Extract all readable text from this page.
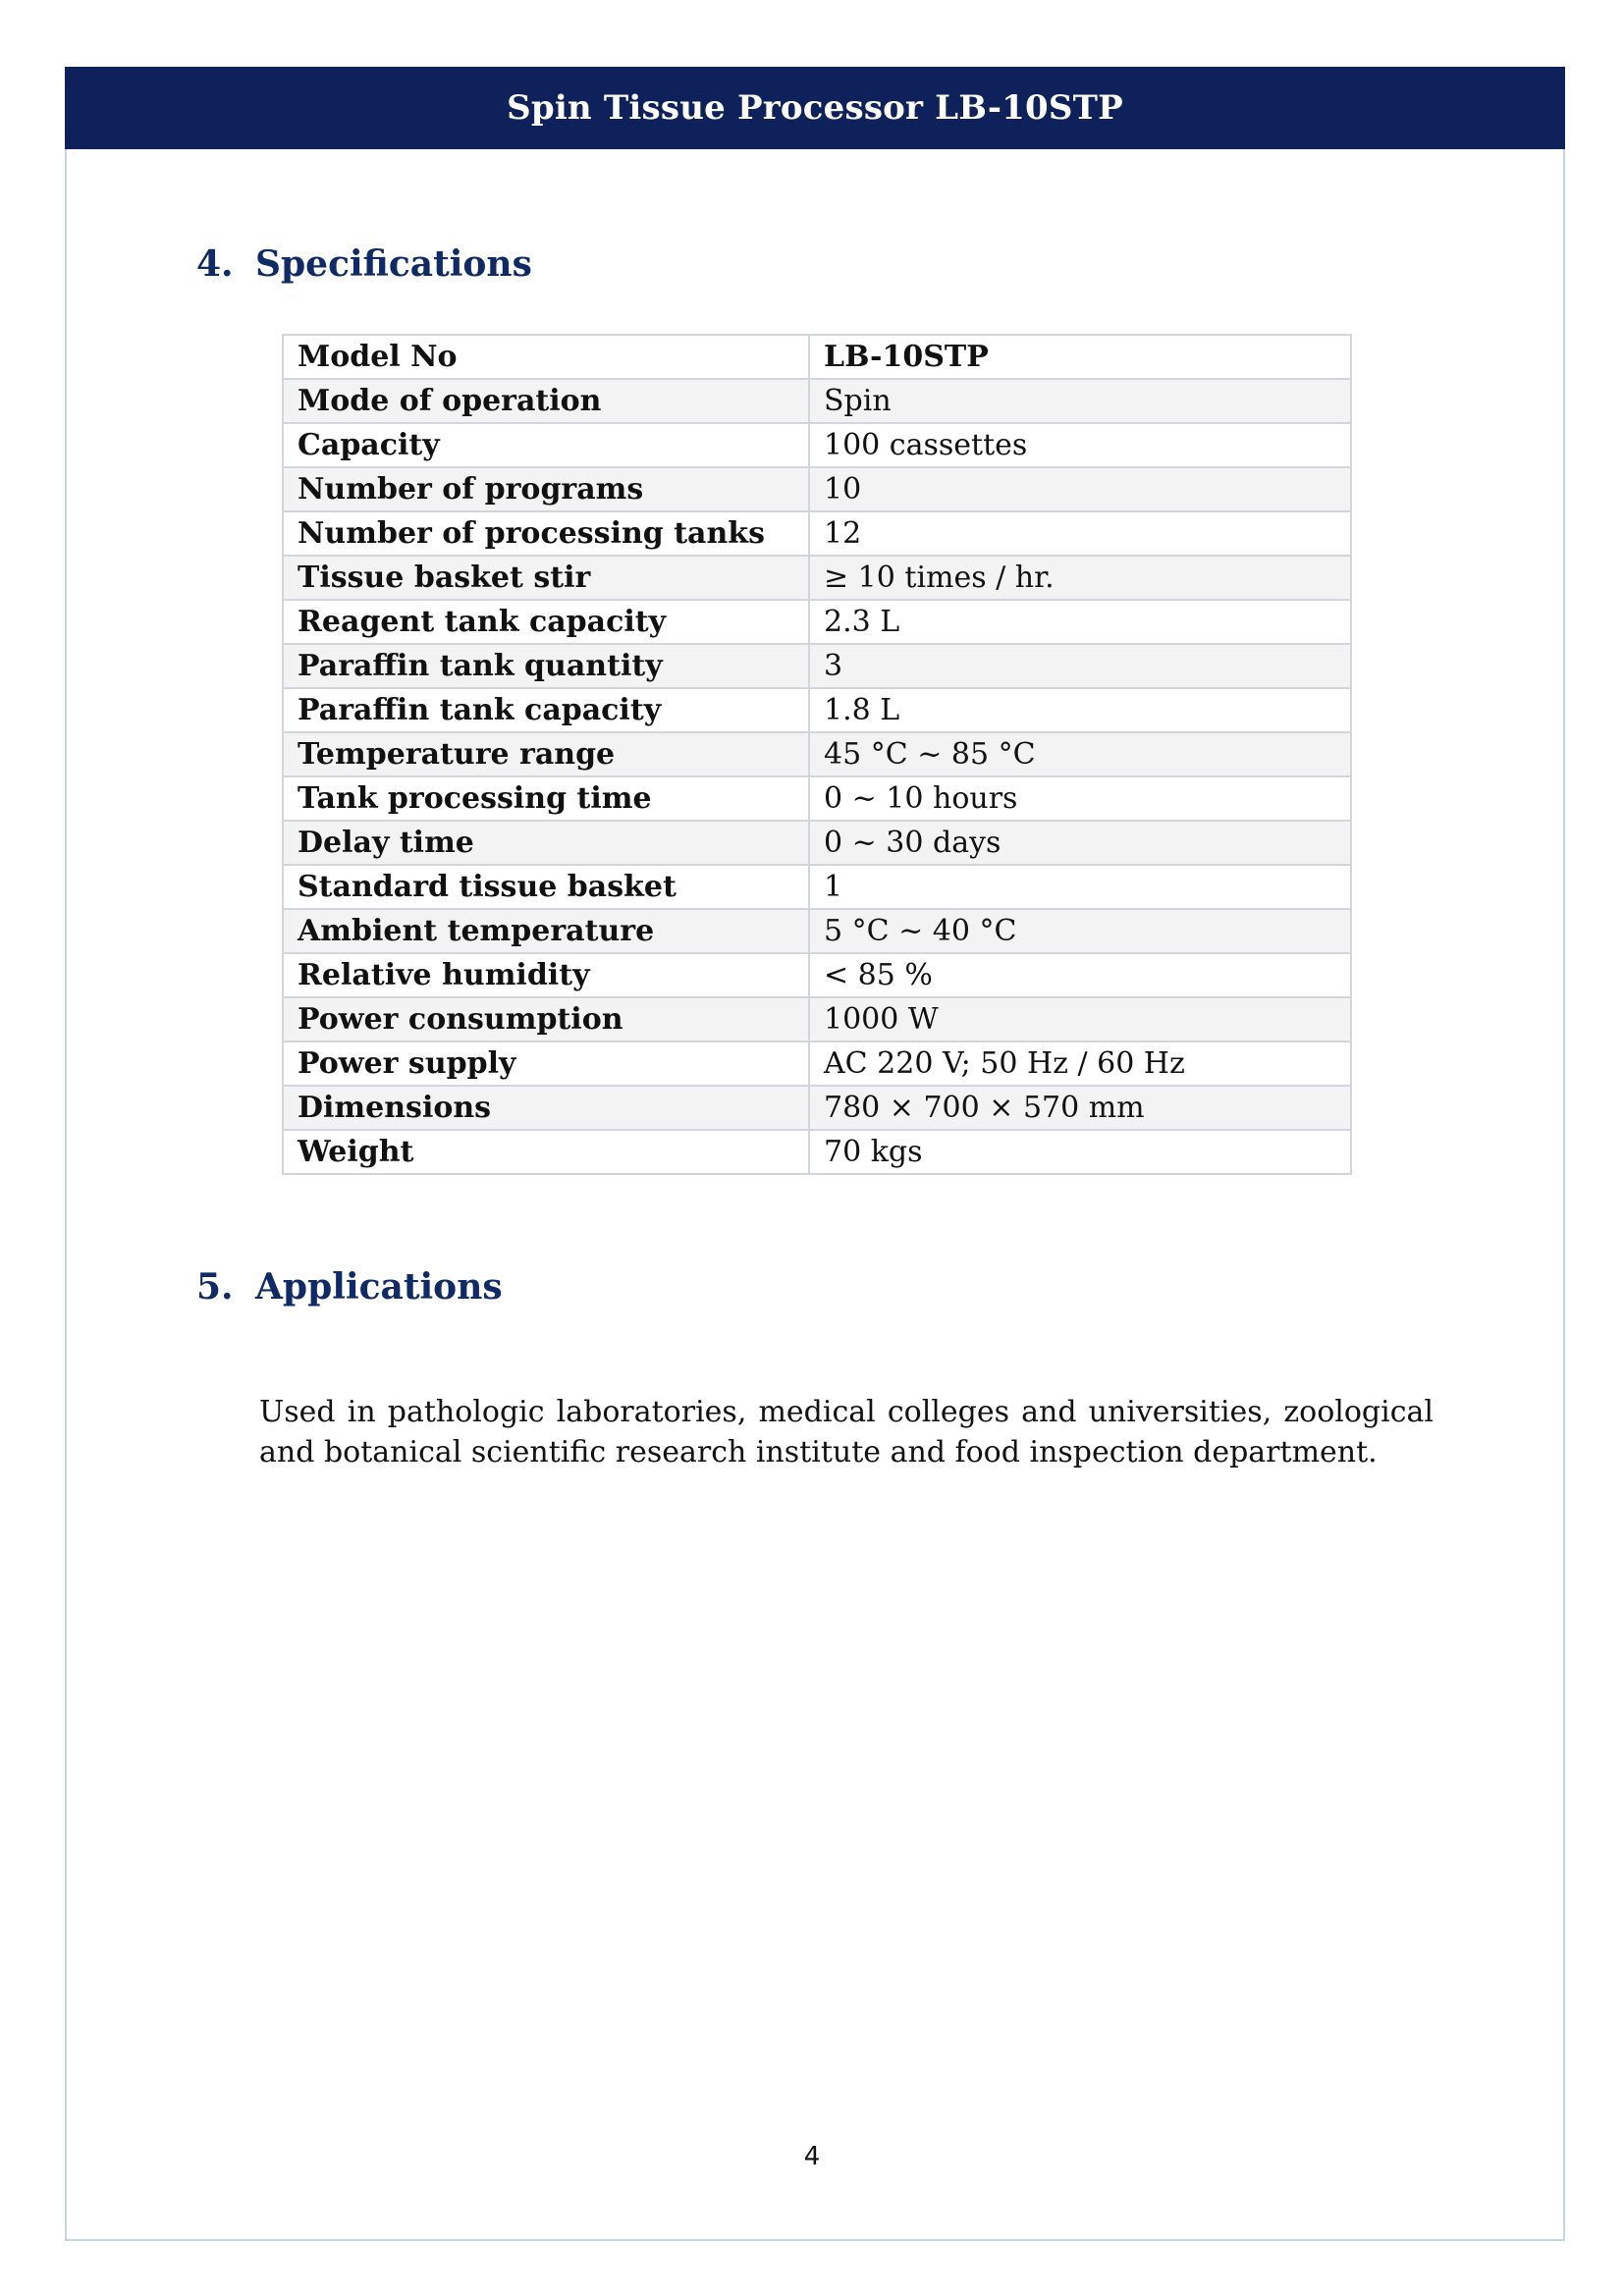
Spin Tissue Processor LB-10STP
4. Specifications
Model No	LB-10STP
Mode of operation	Spin
Capacity	100 cassettes
Number of programs	10
Number of processing tanks	12
Tissue basket stir	≥ 10 times / hr.
Reagent tank capacity	2.3 L
Paraffin tank quantity	3
Paraffin tank capacity	1.8 L
Temperature range	45 °C ~ 85 °C
Tank processing time	0 ~ 10 hours
Delay time	0 ~ 30 days
Standard tissue basket	1
Ambient temperature	5 °C ~ 40 °C
Relative humidity	< 85 %
Power consumption	1000 W
Power supply	AC 220 V; 50 Hz / 60 Hz
Dimensions	780 × 700 × 570 mm
Weight	70 kgs
5. Applications

Used in pathologic laboratories, medical colleges and universities, zoological and botanical scientific research institute and food inspection department.

4
